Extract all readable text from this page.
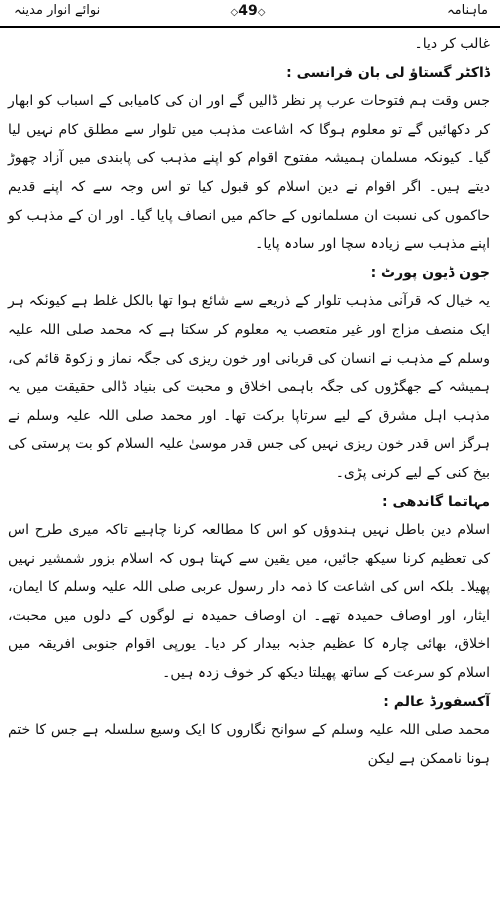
نوائے انوار مدینہ	◇49◇	ماہنامہ

غالب کر دیا۔

ڈاکٹر گستاؤ لی بان فرانسی :

جس وقت ہم فتوحات عرب پر نظر ڈالیں گے اور ان کی کامیابی کے اسباب کو ابھار کر دکھائیں گے تو معلوم ہوگا کہ اشاعت مذہب میں تلوار سے مطلق کام نہیں لیا گیا۔ کیونکہ مسلمان ہمیشہ مفتوح اقوام کو اپنے مذہب کی پابندی میں آزاد چھوڑ دیتے ہیں۔ اگر اقوام نے دین اسلام کو قبول کیا تو اس وجہ سے کہ اپنے قدیم حاکموں کی نسبت ان مسلمانوں کے حاکم میں انصاف پایا گیا۔ اور ان کے مذہب کو اپنے مذہب سے زیادہ سچا اور سادہ پایا۔

جون ڈیون پورٹ :

یہ خیال کہ قرآنی مذہب تلوار کے ذریعے سے شائع ہوا تھا بالکل غلط ہے کیونکہ ہر ایک منصف مزاج اور غیر متعصب یہ معلوم کر سکتا ہے کہ محمد صلی اللہ علیہ وسلم کے مذہب نے انسان کی قربانی اور خون ریزی کی جگہ نماز و زکوۃ قائم کی، ہمیشہ کے جھگڑوں کی جگہ باہمی اخلاق و محبت کی بنیاد ڈالی حقیقت میں یہ مذہب اہل مشرق کے لیے سرتاپا برکت تھا۔ اور محمد صلی اللہ علیہ وسلم نے ہرگز اس قدر خون ریزی نہیں کی جس قدر موسیٰ علیہ السلام کو بت پرستی کی بیخ کنی کے لیے کرنی پڑی۔

مہاتما گاندھی :

اسلام دین باطل نہیں ہندوؤں کو اس کا مطالعہ کرنا چاہیے تاکہ میری طرح اس کی تعظیم کرنا سیکھ جائیں، میں یقین سے کہتا ہوں کہ اسلام بزور شمشیر نہیں پھیلا۔ بلکہ اس کی اشاعت کا ذمہ دار رسول عربی صلی اللہ علیہ وسلم کا ایمان، ایثار، اور اوصاف حمیدہ تھے۔ ان اوصاف حمیدہ نے لوگوں کے دلوں میں محبت، اخلاق، بھائی چارہ کا عظیم جذبہ بیدار کر دیا۔ یورپی اقوام جنوبی افریقہ میں اسلام کو سرعت کے ساتھ پھیلتا دیکھ کر خوف زدہ ہیں۔

آکسفورڈ عالم :

محمد صلی اللہ علیہ وسلم کے سوانح نگاروں کا ایک وسیع سلسلہ ہے جس کا ختم ہونا ناممکن ہے لیکن
